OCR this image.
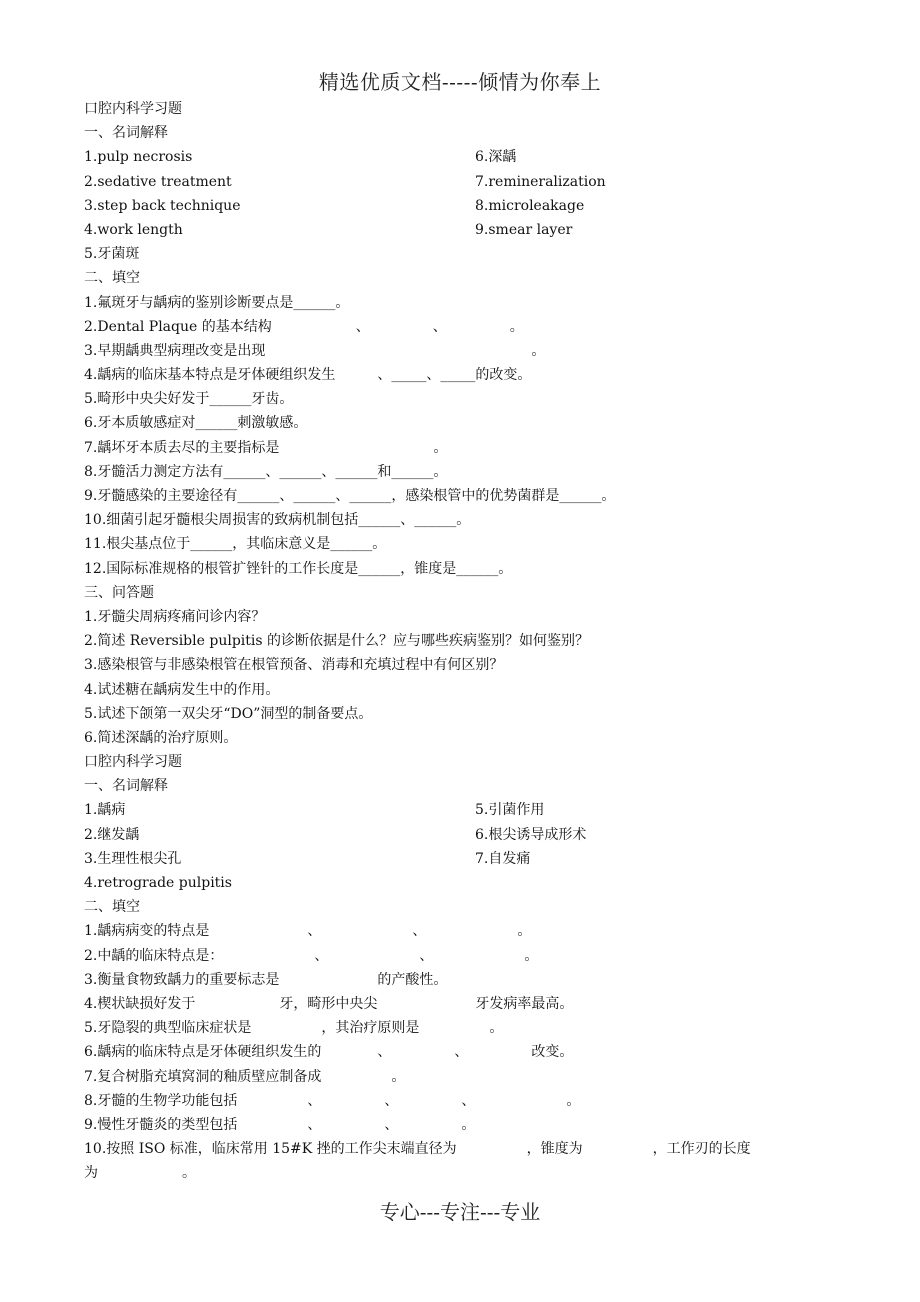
精选优质文档-----倾情为你奉上
口腔内科学习题
一、名词解释
1.pulp necrosis	6.深龋
2.sedative treatment	7.remineralization
3.step back technique	8.microleakage
4.work length	9.smear layer
5.牙菌斑
二、填空
1.氟斑牙与龋病的鉴别诊断要点是______。
2.Dental Plaque 的基本结构　　　　　　、　　　　　、　　　　　。
3.早期龋典型病理改变是出现　　　　　　　　　　　　　　　　　　　。
4.龋病的临床基本特点是牙体硬组织发生　　　、_____、_____的改变。
5.畸形中央尖好发于______牙齿。
6.牙本质敏感症对______刺激敏感。
7.龋坏牙本质去尽的主要指标是　　　　　　　　　　　。
8.牙髓活力测定方法有______、______、______和______。
9.牙髓感染的主要途径有______、______、______，感染根管中的优势菌群是______。
10.细菌引起牙髓根尖周损害的致病机制包括______、______。
11.根尖基点位于______，其临床意义是______。
12.国际标准规格的根管扩锉针的工作长度是______，锥度是______。
三、问答题
1.牙髓尖周病疼痛问诊内容？
2.简述 Reversible pulpitis 的诊断依据是什么？应与哪些疾病鉴别？如何鉴别？
3.感染根管与非感染根管在根管预备、消毒和充填过程中有何区别？
4.试述糖在龋病发生中的作用。
5.试述下颌第一双尖牙“DO”洞型的制备要点。
6.简述深龋的治疗原则。
口腔内科学习题
一、名词解释
1.龋病	5.引菌作用
2.继发龋	6.根尖诱导成形术
3.生理性根尖孔	7.自发痛
4.retrograde pulpitis
二、填空
1.龋病病变的特点是　　　　　　　、　　　　　　　、　　　　　　　。
2.中龋的临床特点是：　　　　　　　、　　　　　　　、　　　　　　　。
3.衡量食物致龋力的重要标志是　　　　　　　的产酸性。
4.楔状缺损好发于　　　　　　牙，畸形中央尖　　　　　　　牙发病率最高。
5.牙隐裂的典型临床症状是　　　　　，其治疗原则是　　　　　。
6.龋病的临床特点是牙体硬组织发生的　　　　、　　　　　、　　　　　改变。
7.复合树脂充填窝洞的釉质壁应制备成　　　　　。
8.牙髓的生物学功能包括　　　　　、　　　　　、　　　　　、　　　　　　　。
9.慢性牙髓炎的类型包括　　　　　、　　　　　、　　　　　。
10.按照 ISO 标准，临床常用 15#K 挫的工作尖末端直径为　　　　　，锥度为　　　　　，工作刃的长度为　　　　　　。
专心---专注---专业
